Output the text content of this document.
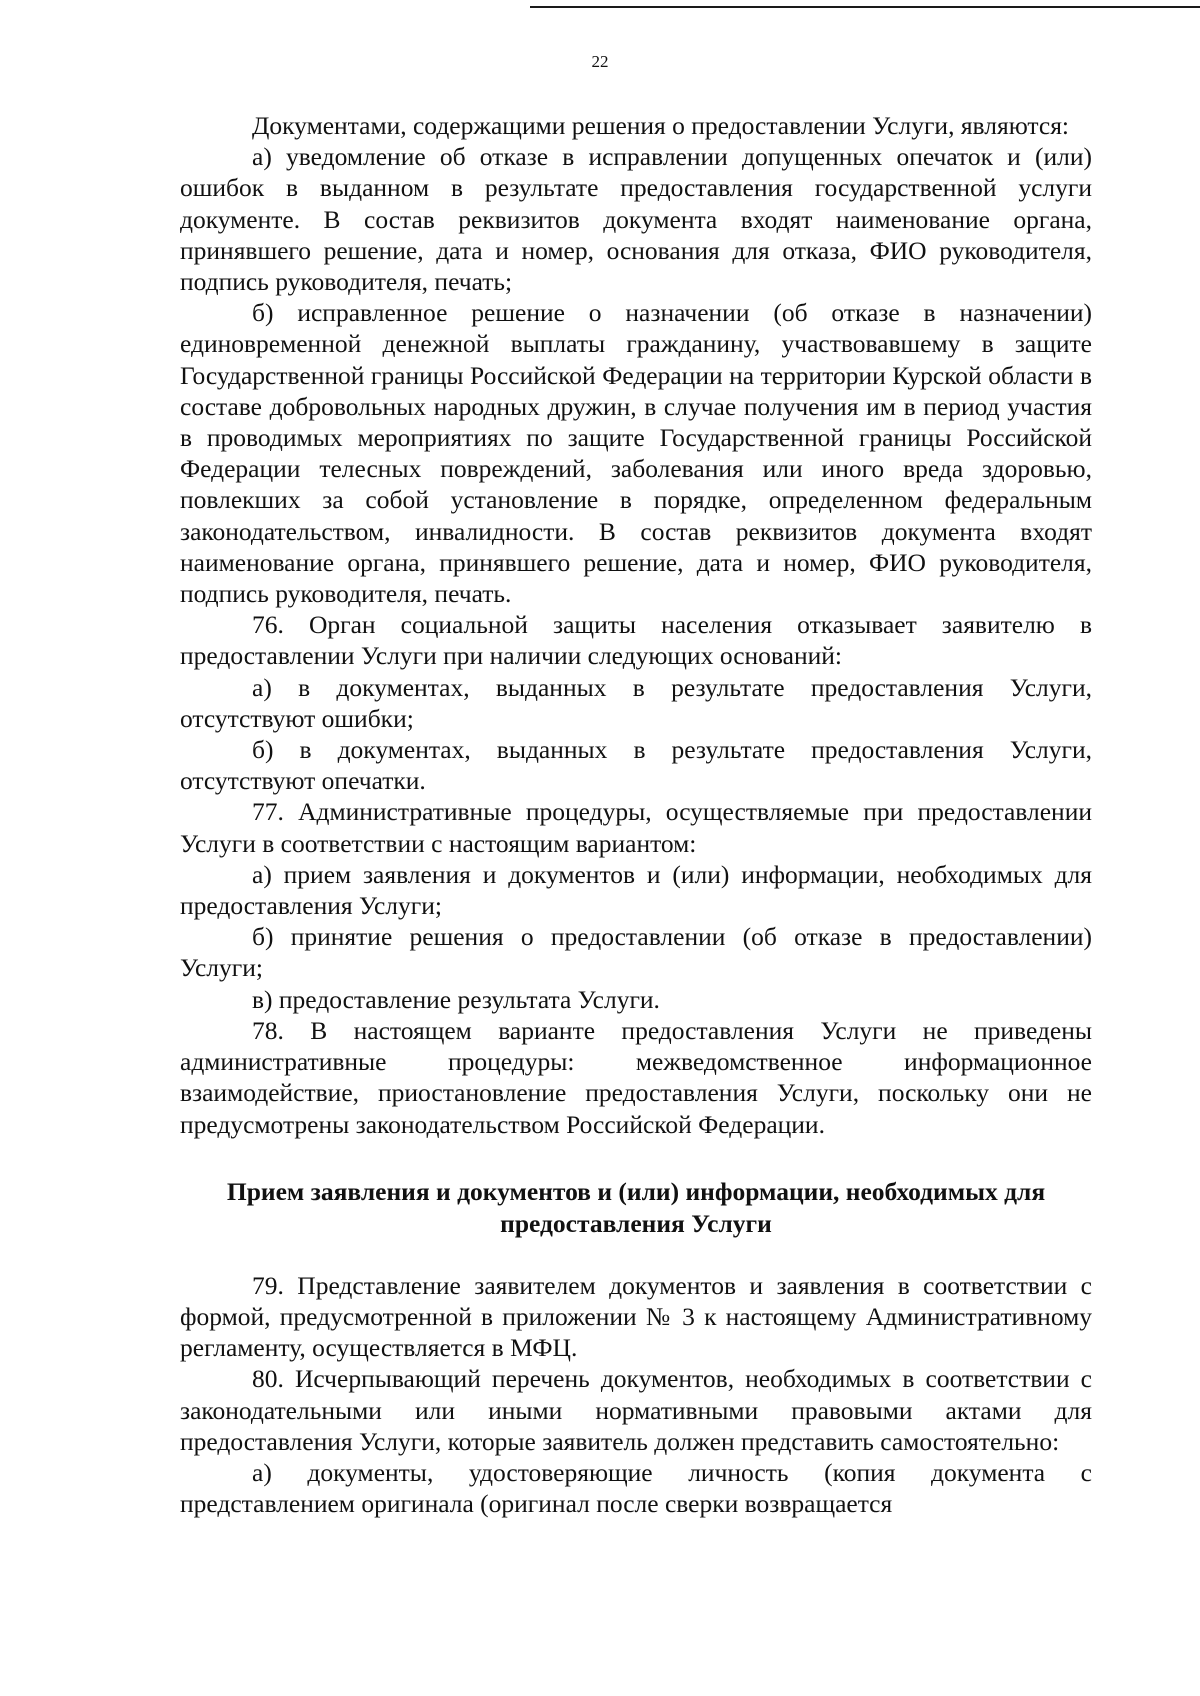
22

Документами, содержащими решения о предоставлении Услуги, являются:

а) уведомление об отказе в исправлении допущенных опечаток и (или) ошибок в выданном в результате предоставления государственной услуги документе. В состав реквизитов документа входят наименование органа, принявшего решение, дата и номер, основания для отказа, ФИО руководителя, подпись руководителя, печать;

б) исправленное решение о назначении (об отказе в назначении) единовременной денежной выплаты гражданину, участвовавшему в защите Государственной границы Российской Федерации на территории Курской области в составе добровольных народных дружин, в случае получения им в период участия в проводимых мероприятиях по защите Государственной границы Российской Федерации телесных повреждений, заболевания или иного вреда здоровью, повлекших за собой установление в порядке, определенном федеральным законодательством, инвалидности. В состав реквизитов документа входят наименование органа, принявшего решение, дата и номер, ФИО руководителя, подпись руководителя, печать.

76. Орган социальной защиты населения отказывает заявителю в предоставлении Услуги при наличии следующих оснований:

а) в документах, выданных в результате предоставления Услуги, отсутствуют ошибки;

б) в документах, выданных в результате предоставления Услуги, отсутствуют опечатки.

77. Административные процедуры, осуществляемые при предоставлении Услуги в соответствии с настоящим вариантом:

а) прием заявления и документов и (или) информации, необходимых для предоставления Услуги;

б) принятие решения о предоставлении (об отказе в предоставлении) Услуги;

в) предоставление результата Услуги.

78. В настоящем варианте предоставления Услуги не приведены административные процедуры: межведомственное информационное взаимодействие, приостановление предоставления Услуги, поскольку они не предусмотрены законодательством Российской Федерации.

Прием заявления и документов и (или) информации, необходимых для
предоставления Услуги

79. Представление заявителем документов и заявления в соответствии с формой, предусмотренной в приложении № 3 к настоящему Административному регламенту, осуществляется в МФЦ.

80. Исчерпывающий перечень документов, необходимых в соответствии с законодательными или иными нормативными правовыми актами для предоставления Услуги, которые заявитель должен представить самостоятельно:

а) документы, удостоверяющие личность (копия документа с представлением оригинала (оригинал после сверки возвращается
